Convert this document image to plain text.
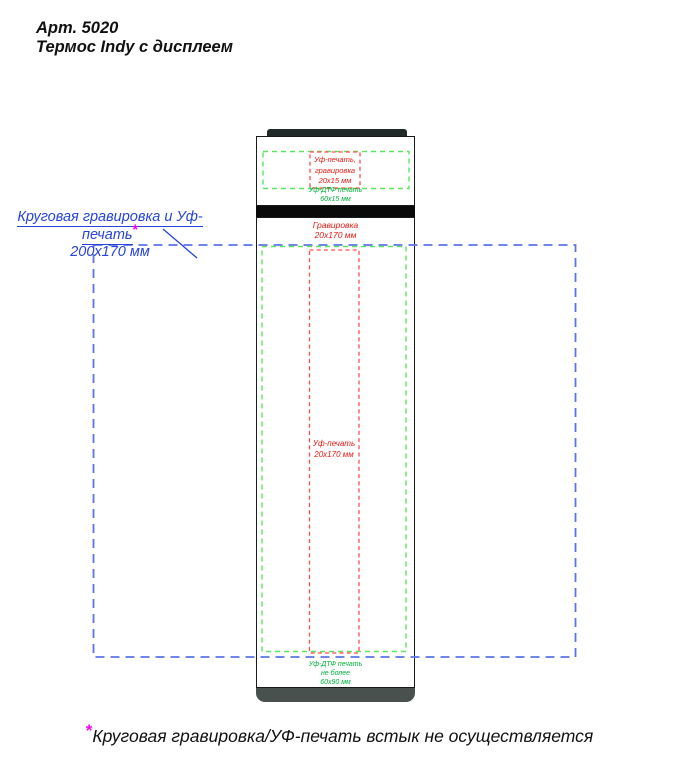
Арт. 5020
Термос Indy с дисплеем
Круговая гравировка и Уф-печать*
200x170 мм
Уф-печать,
гравировка
20x15 мм
Уф-ДТФ печать
60x15 мм
Гравировка
20x170 мм
Уф-печать
20x170 мм
Уф-ДТФ печать
не более
60x90 мм
*Круговая гравировка/УФ-печать встык не осуществляется
